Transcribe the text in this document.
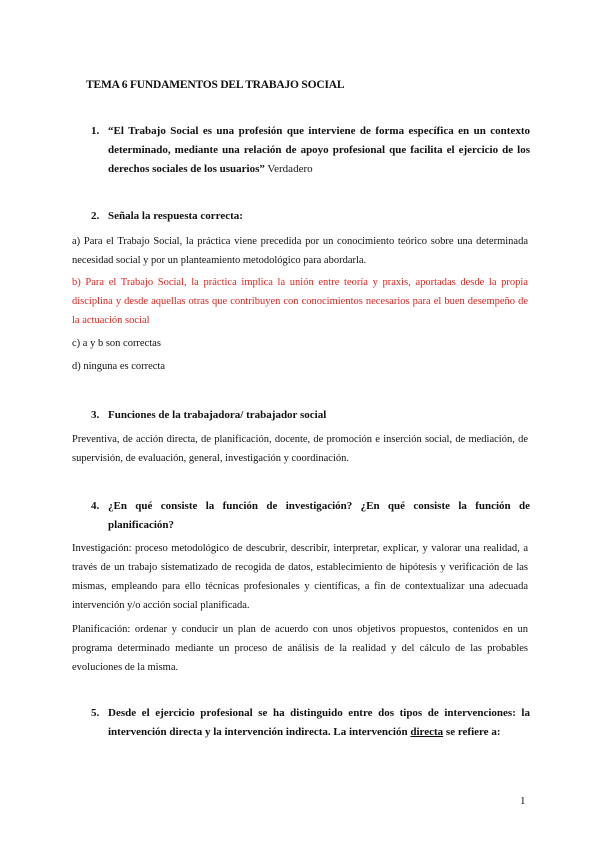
TEMA 6 FUNDAMENTOS DEL TRABAJO SOCIAL
1. “El Trabajo Social es una profesión que interviene de forma específica en un contexto determinado, mediante una relación de apoyo profesional que facilita el ejercicio de los derechos sociales de los usuarios” Verdadero
2. Señala la respuesta correcta:
a) Para el Trabajo Social, la práctica viene precedida por un conocimiento teórico sobre una determinada necesidad social y por un planteamiento metodológico para abordarla.
b) Para el Trabajo Social, la práctica implica la unión entre teoría y praxis, aportadas desde la propia disciplina y desde aquellas otras que contribuyen con conocimientos necesarios para el buen desempeño de la actuación social
c) a y b son correctas
d) ninguna es correcta
3. Funciones de la trabajadora/ trabajador social
Preventiva, de acción directa, de planificación, docente, de promoción e inserción social, de mediación, de supervisión, de evaluación, general, investigación y coordinación.
4. ¿En qué consiste la función de investigación? ¿En qué consiste la función de planificación?
Investigación: proceso metodológico de descubrir, describir, interpretar, explicar, y valorar una realidad, a través de un trabajo sistematizado de recogida de datos, establecimiento de hipótesis y verificación de las mismas, empleando para ello técnicas profesionales y científicas, a fin de contextualizar una adecuada intervención y/o acción social planificada.
Planificación: ordenar y conducir un plan de acuerdo con unos objetivos propuestos, contenidos en un programa determinado mediante un proceso de análisis de la realidad y del cálculo de las probables evoluciones de la misma.
5. Desde el ejercicio profesional se ha distinguido entre dos tipos de intervenciones: la intervención directa y la intervención indirecta. La intervención directa se refiere a:
1
